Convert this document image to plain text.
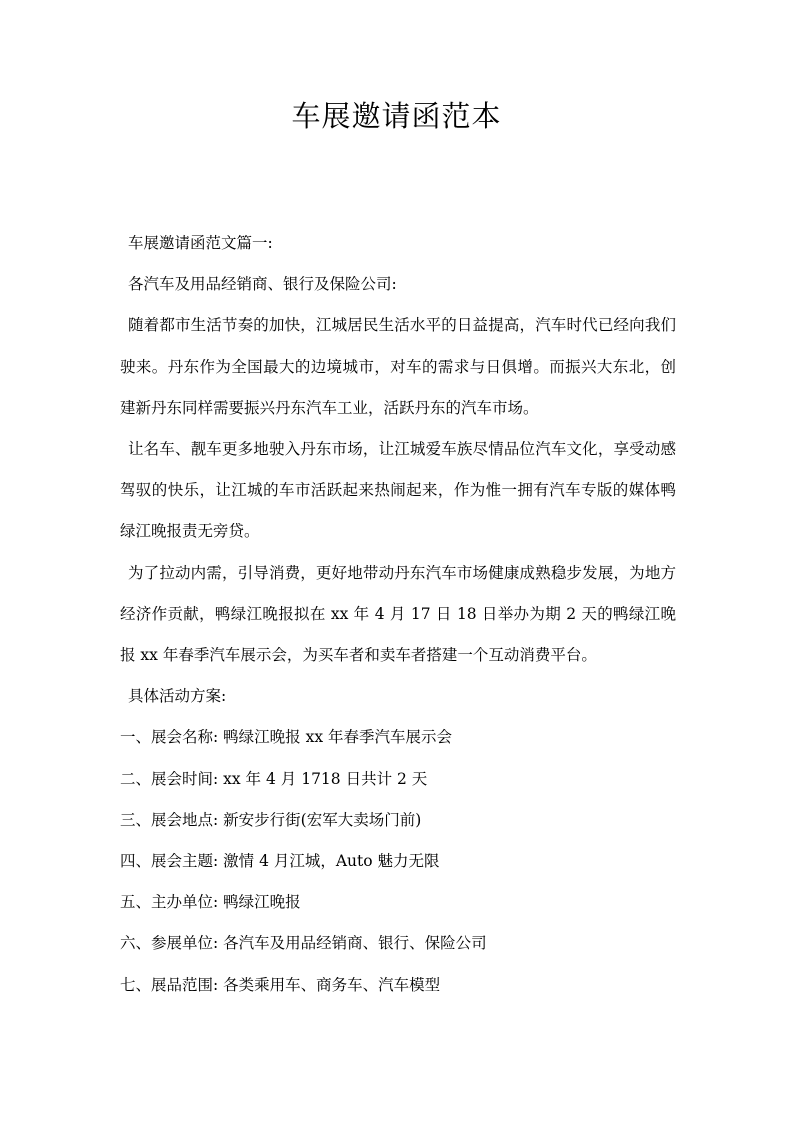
车展邀请函范本

车展邀请函范文篇一:

各汽车及用品经销商、银行及保险公司:

随着都市生活节奏的加快，江城居民生活水平的日益提高，汽车时代已经向我们驶来。丹东作为全国最大的边境城市，对车的需求与日俱增。而振兴大东北，创建新丹东同样需要振兴丹东汽车工业，活跃丹东的汽车市场。

让名车、靓车更多地驶入丹东市场，让江城爱车族尽情品位汽车文化，享受动感驾驭的快乐，让江城的车市活跃起来热闹起来，作为惟一拥有汽车专版的媒体鸭绿江晚报责无旁贷。

为了拉动内需，引导消费，更好地带动丹东汽车市场健康成熟稳步发展，为地方经济作贡献，鸭绿江晚报拟在 xx 年 4 月 17 日 18 日举办为期 2 天的鸭绿江晚报 xx 年春季汽车展示会，为买车者和卖车者搭建一个互动消费平台。

具体活动方案:

一、展会名称: 鸭绿江晚报 xx 年春季汽车展示会

二、展会时间: xx 年 4 月 1718 日共计 2 天

三、展会地点: 新安步行街(宏军大卖场门前)

四、展会主题: 激情 4 月江城，Auto 魅力无限

五、主办单位: 鸭绿江晚报

六、参展单位: 各汽车及用品经销商、银行、保险公司

七、展品范围: 各类乘用车、商务车、汽车模型
